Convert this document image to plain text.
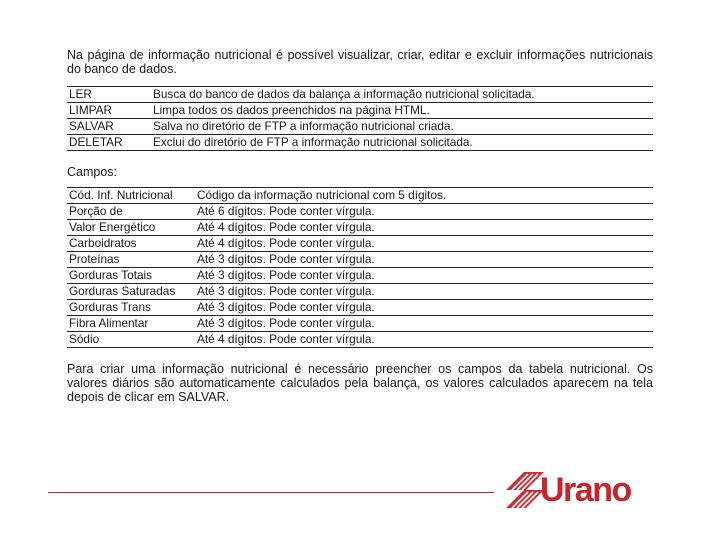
Na página de informação nutricional é possível visualizar, criar, editar e excluir informações nutricionais do banco de dados.

LER	Busca do banco de dados da balança a informação nutricional solicitada.
LIMPAR	Limpa todos os dados preenchidos na página HTML.
SALVAR	Salva no diretório de FTP a informação nutricional criada.
DELETAR	Exclui do diretório de FTP a informação nutricional solicitada.
Campos:
Cód. Inf. Nutricional	Código da informação nutricional com 5 dígitos.
Porção de	Até 6 dígitos. Pode conter vírgula.
Valor Energético	Até 4 dígitos. Pode conter vírgula.
Carboidratos	Até 4 dígitos. Pode conter vírgula.
Proteínas	Até 3 dígitos. Pode conter vírgula.
Gorduras Totais	Até 3 dígitos. Pode conter vírgula.
Gorduras Saturadas	Até 3 dígitos. Pode conter vírgula.
Gorduras Trans	Até 3 dígitos. Pode conter vírgula.
Fibra Alimentar	Até 3 dígitos. Pode conter vírgula.
Sódio	Até 4 dígitos. Pode conter vírgula.

Para criar uma informação nutricional é necessário preencher os campos da tabela nutricional. Os valores diários são automaticamente calculados pela balança, os valores calculados aparecem na tela depois de clicar em SALVAR.

Urano
